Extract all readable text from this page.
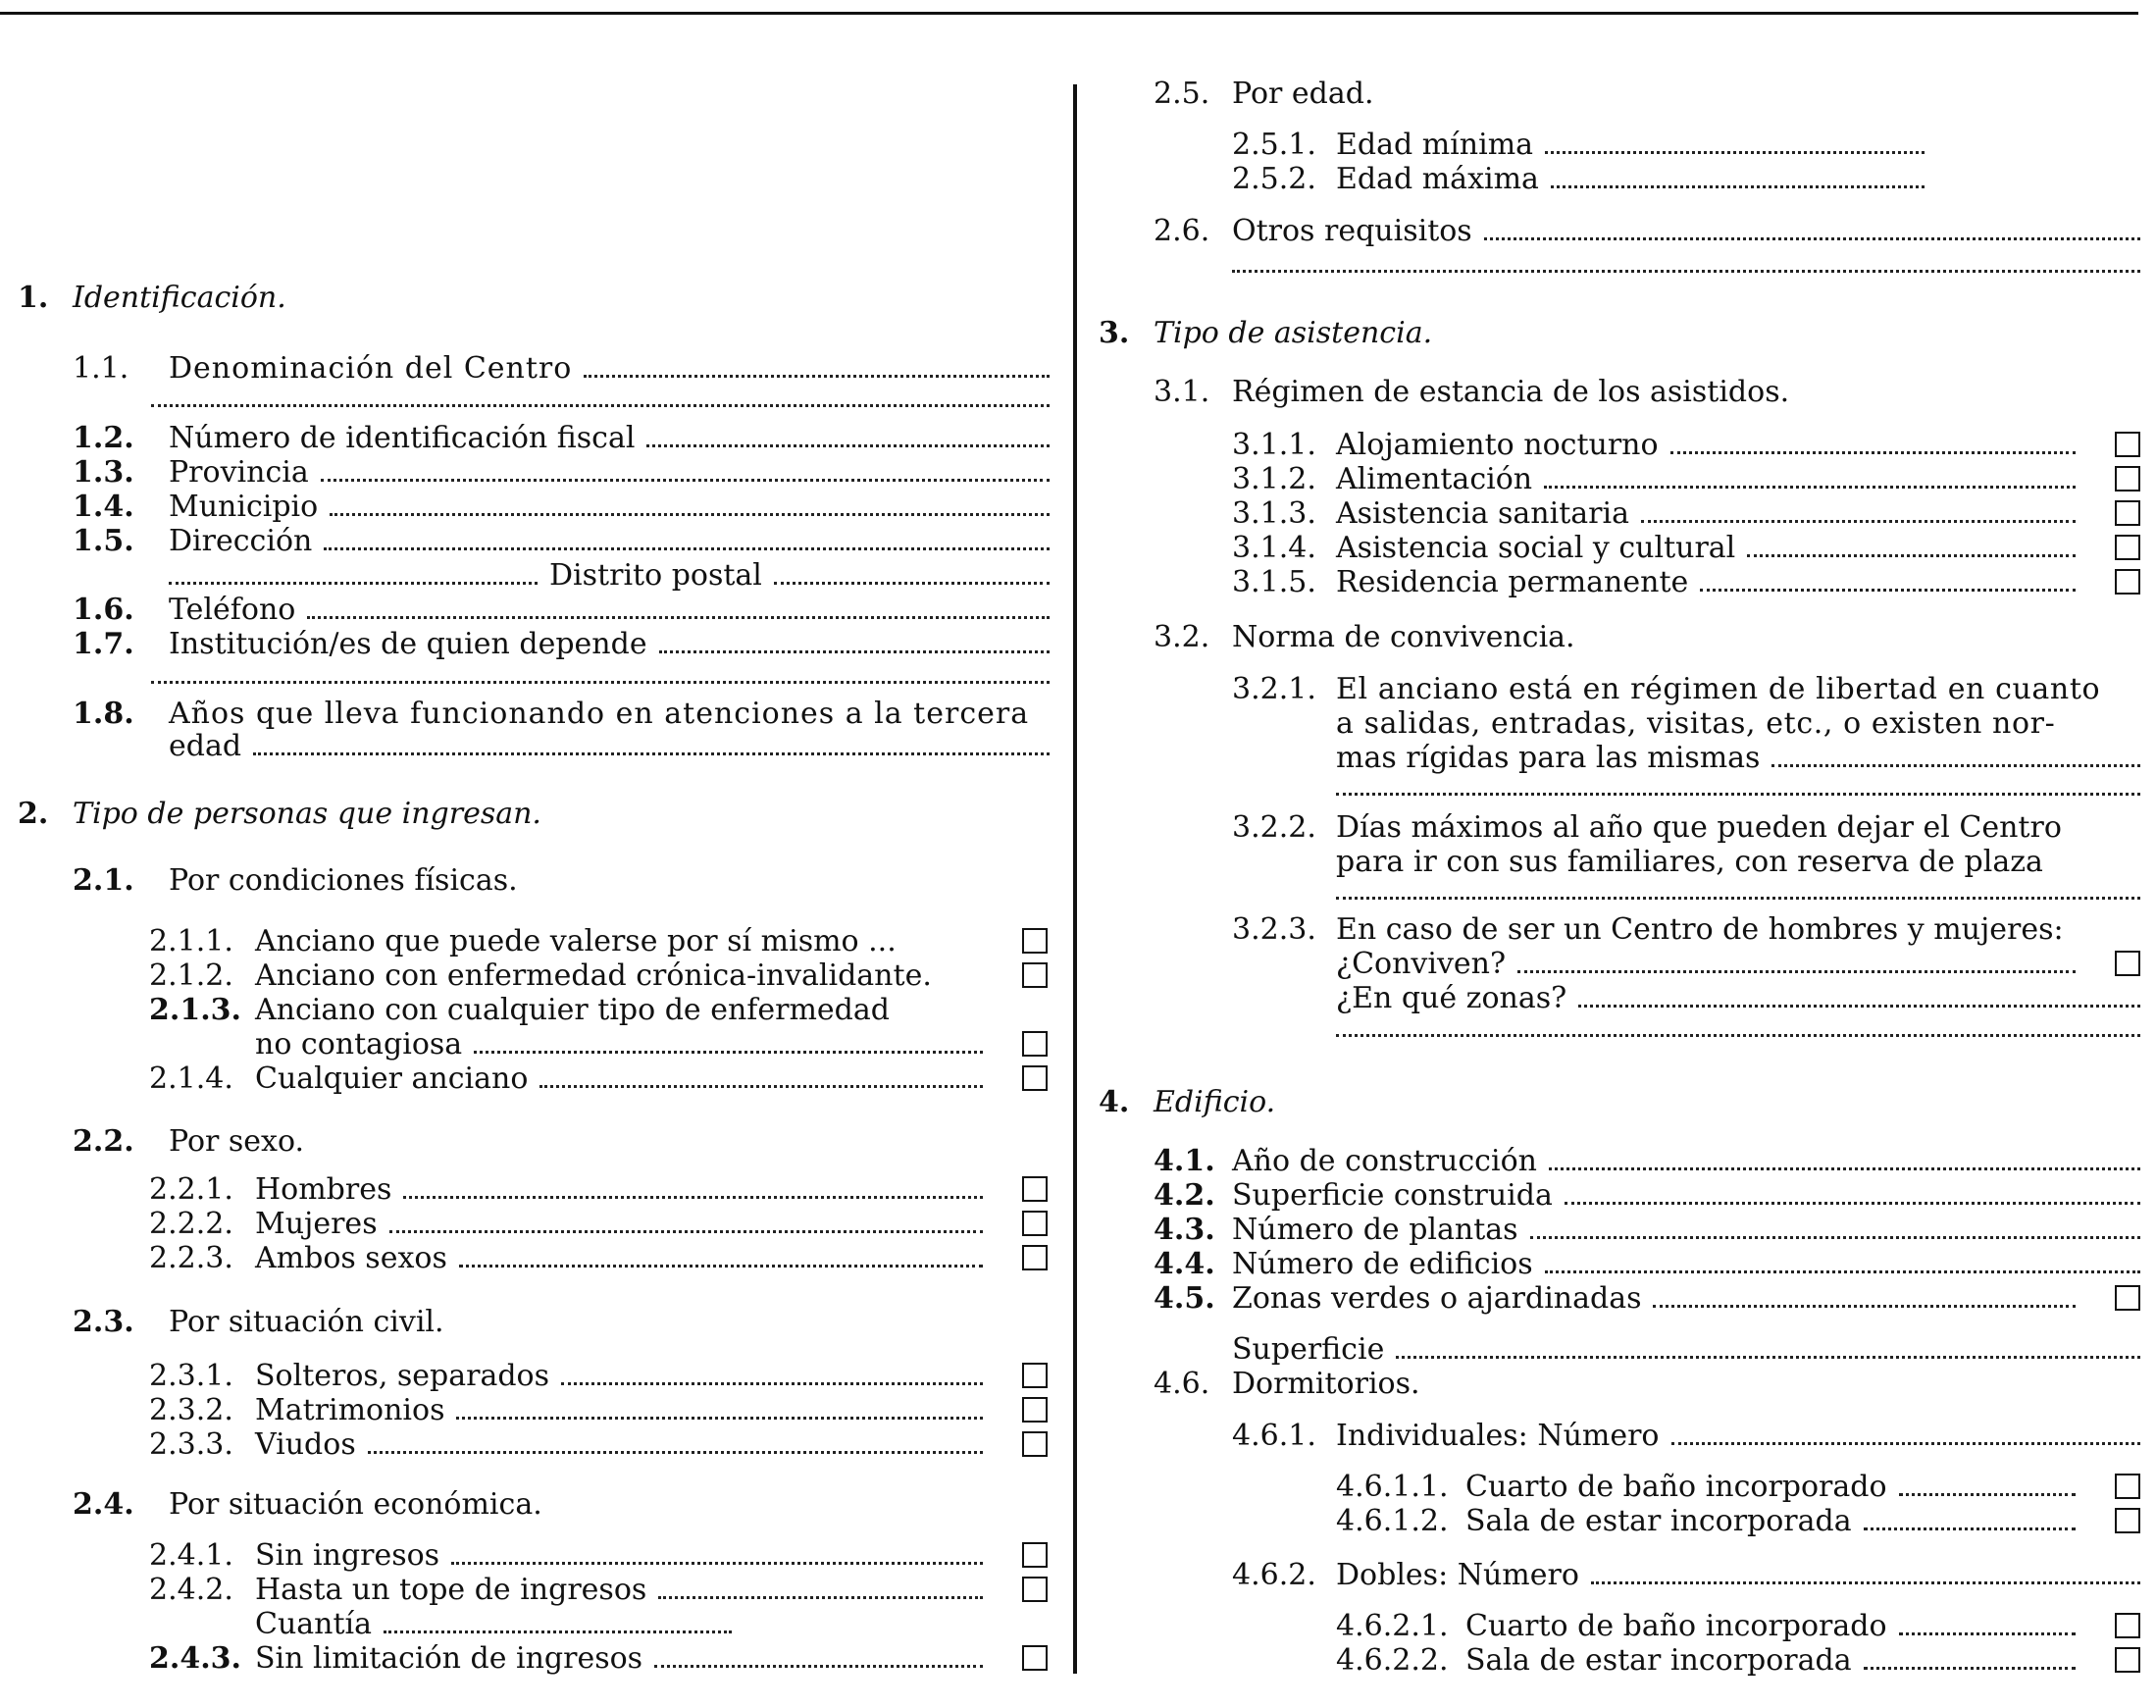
1. Identificación.
1.1.	Denominación del Centro
1.2.	Número de identificación fiscal
1.3.	Provincia
1.4.	Municipio
1.5.	Dirección
Distrito postal
1.6.	Teléfono
1.7.	Institución/es de quien depende
1.8.	Años que lleva funcionando en atenciones a la tercera
edad
2. Tipo de personas que ingresan.
2.1.	Por condiciones físicas.
2.1.1. Anciano que puede valerse por sí mismo ...
2.1.2. Anciano con enfermedad crónica-invalidante.
2.1.3. Anciano con cualquier tipo de enfermedad
no contagiosa
2.1.4. Cualquier anciano
2.2.	Por sexo.
2.2.1. Hombres
2.2.2. Mujeres
2.2.3. Ambos sexos
2.3.	Por situación civil.
2.3.1. Solteros, separados
2.3.2. Matrimonios
2.3.3. Viudos
2.4.	Por situación económica.
2.4.1. Sin ingresos
2.4.2. Hasta un tope de ingresos
Cuantía
2.4.3. Sin limitación de ingresos
2.5. Por edad.
2.5.1. Edad mínima
2.5.2. Edad máxima
2.6. Otros requisitos
3. Tipo de asistencia.
3.1. Régimen de estancia de los asistidos.
3.1.1. Alojamiento nocturno
3.1.2. Alimentación
3.1.3. Asistencia sanitaria
3.1.4. Asistencia social y cultural
3.1.5. Residencia permanente
3.2. Norma de convivencia.
3.2.1. El anciano está en régimen de libertad en cuanto
a salidas, entradas, visitas, etc., o existen nor-
mas rígidas para las mismas
3.2.2. Días máximos al año que pueden dejar el Centro
para ir con sus familiares, con reserva de plaza
3.2.3. En caso de ser un Centro de hombres y mujeres:
¿Conviven?
¿En qué zonas?
4. Edificio.
4.1. Año de construcción
4.2. Superficie construida
4.3. Número de plantas
4.4. Número de edificios
4.5. Zonas verdes o ajardinadas
Superficie
4.6. Dormitorios.
4.6.1. Individuales: Número
4.6.1.1. Cuarto de baño incorporado
4.6.1.2. Sala de estar incorporada
4.6.2. Dobles: Número
4.6.2.1. Cuarto de baño incorporado
4.6.2.2. Sala de estar incorporada
